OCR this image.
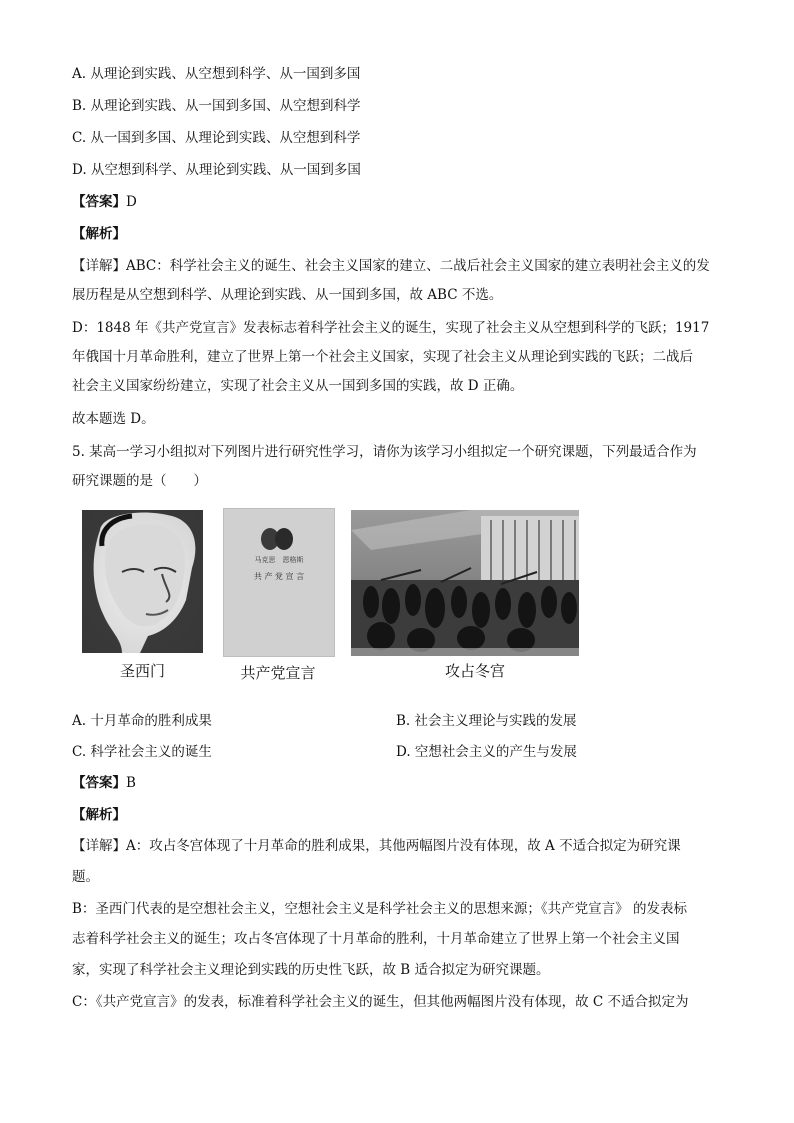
A. 从理论到实践、从空想到科学、从一国到多国
B. 从理论到实践、从一国到多国、从空想到科学
C. 从一国到多国、从理论到实践、从空想到科学
D. 从空想到科学、从理论到实践、从一国到多国
【答案】D
【解析】
【详解】ABC：科学社会主义的诞生、社会主义国家的建立、二战后社会主义国家的建立表明社会主义的发
展历程是从空想到科学、从理论到实践、从一国到多国，故 ABC 不选。
D：1848 年《共产党宣言》发表标志着科学社会主义的诞生，实现了社会主义从空想到科学的飞跃；1917
年俄国十月革命胜利，建立了世界上第一个社会主义国家，实现了社会主义从理论到实践的飞跃；二战后
社会主义国家纷纷建立，实现了社会主义从一国到多国的实践，故 D 正确。
故本题选 D。
5. 某高一学习小组拟对下列图片进行研究性学习，请你为该学习小组拟定一个研究课题，下列最适合作为
研究课题的是（　　）
圣西门
马克思　恩格斯
共 产 党 宣 言
共产党宣言	攻占冬宫
A. 十月革命的胜利成果	B. 社会主义理论与实践的发展
C. 科学社会主义的诞生	D. 空想社会主义的产生与发展
【答案】B
【解析】
【详解】A：攻占冬宫体现了十月革命的胜利成果，其他两幅图片没有体现，故 A 不适合拟定为研究课
题。
B：圣西门代表的是空想社会主义，空想社会主义是科学社会主义的思想来源；《共产党宣言》 的发表标
志着科学社会主义的诞生；攻占冬宫体现了十月革命的胜利，十月革命建立了世界上第一个社会主义国
家，实现了科学社会主义理论到实践的历史性飞跃，故 B 适合拟定为研究课题。
C：《共产党宣言》的发表，标准着科学社会主义的诞生，但其他两幅图片没有体现，故 C 不适合拟定为
